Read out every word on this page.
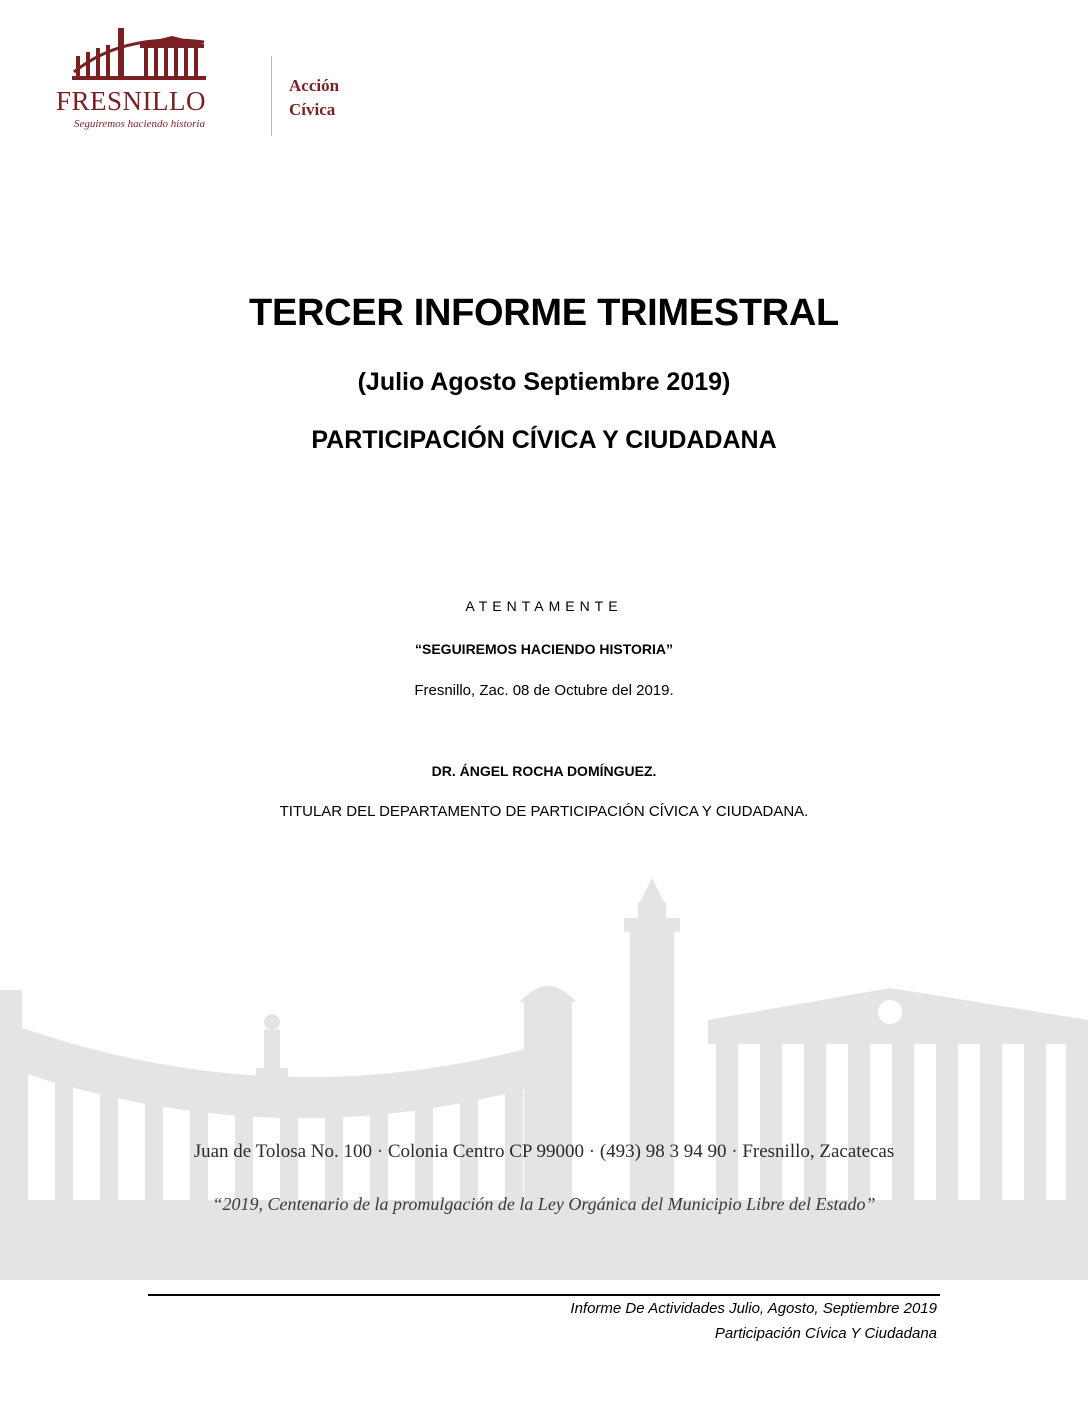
FRESNILLO
Seguiremos haciendo historia
Acción
Cívica
TERCER INFORME TRIMESTRAL
(Julio Agosto Septiembre 2019)
PARTICIPACIÓN CÍVICA Y CIUDADANA
ATENTAMENTE
“SEGUIREMOS HACIENDO HISTORIA”
Fresnillo, Zac. 08 de Octubre del 2019.
DR. ÁNGEL ROCHA DOMÍNGUEZ.
TITULAR DEL DEPARTAMENTO DE PARTICIPACIÓN CÍVICA Y CIUDADANA.
Juan de Tolosa No. 100 · Colonia Centro CP 99000 · (493) 98 3 94 90 · Fresnillo, Zacatecas
“2019, Centenario de la promulgación de la Ley Orgánica del Municipio Libre del Estado”
Informe De Actividades Julio, Agosto, Septiembre 2019
Participación Cívica Y Ciudadana
